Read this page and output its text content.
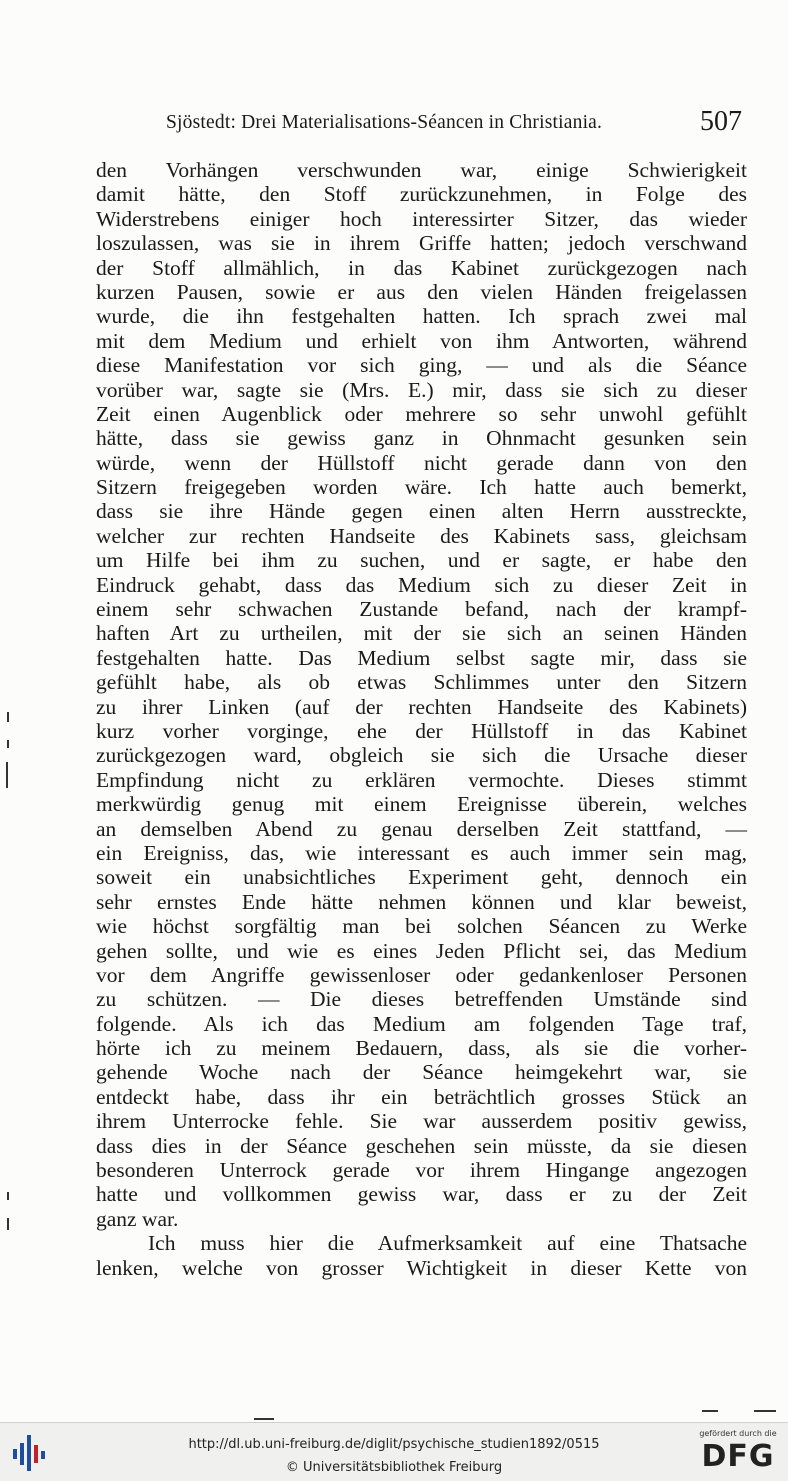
Sjöstedt: Drei Materialisations-Séancen in Christiania.	507
den Vorhängen verschwunden war, einige Schwierigkeit
damit hätte, den Stoff zurückzunehmen, in Folge des
Widerstrebens einiger hoch interessirter Sitzer, das wieder
loszulassen, was sie in ihrem Griffe hatten; jedoch verschwand
der Stoff allmählich, in das Kabinet zurückgezogen nach
kurzen Pausen, sowie er aus den vielen Händen freigelassen
wurde, die ihn festgehalten hatten. Ich sprach zwei mal
mit dem Medium und erhielt von ihm Antworten, während
diese Manifestation vor sich ging, — und als die Séance
vorüber war, sagte sie (Mrs. E.) mir, dass sie sich zu dieser
Zeit einen Augenblick oder mehrere so sehr unwohl gefühlt
hätte, dass sie gewiss ganz in Ohnmacht gesunken sein
würde, wenn der Hüllstoff nicht gerade dann von den
Sitzern freigegeben worden wäre. Ich hatte auch bemerkt,
dass sie ihre Hände gegen einen alten Herrn ausstreckte,
welcher zur rechten Handseite des Kabinets sass, gleichsam
um Hilfe bei ihm zu suchen, und er sagte, er habe den
Eindruck gehabt, dass das Medium sich zu dieser Zeit in
einem sehr schwachen Zustande befand, nach der krampf-
haften Art zu urtheilen, mit der sie sich an seinen Händen
festgehalten hatte. Das Medium selbst sagte mir, dass sie
gefühlt habe, als ob etwas Schlimmes unter den Sitzern
zu ihrer Linken (auf der rechten Handseite des Kabinets)
kurz vorher vorginge, ehe der Hüllstoff in das Kabinet
zurückgezogen ward, obgleich sie sich die Ursache dieser
Empfindung nicht zu erklären vermochte. Dieses stimmt
merkwürdig genug mit einem Ereignisse überein, welches
an demselben Abend zu genau derselben Zeit stattfand, —
ein Ereigniss, das, wie interessant es auch immer sein mag,
soweit ein unabsichtliches Experiment geht, dennoch ein
sehr ernstes Ende hätte nehmen können und klar beweist,
wie höchst sorgfältig man bei solchen Séancen zu Werke
gehen sollte, und wie es eines Jeden Pflicht sei, das Medium
vor dem Angriffe gewissenloser oder gedankenloser Personen
zu schützen. — Die dieses betreffenden Umstände sind
folgende. Als ich das Medium am folgenden Tage traf,
hörte ich zu meinem Bedauern, dass, als sie die vorher-
gehende Woche nach der Séance heimgekehrt war, sie
entdeckt habe, dass ihr ein beträchtlich grosses Stück an
ihrem Unterrocke fehle. Sie war ausserdem positiv gewiss,
dass dies in der Séance geschehen sein müsste, da sie diesen
besonderen Unterrock gerade vor ihrem Hingange angezogen
hatte und vollkommen gewiss war, dass er zu der Zeit
ganz war.
Ich muss hier die Aufmerksamkeit auf eine Thatsache
lenken, welche von grosser Wichtigkeit in dieser Kette von
http://dl.ub.uni-freiburg.de/diglit/psychische_studien1892/0515
© Universitätsbibliothek Freiburg
gefördert durch die
DFG
